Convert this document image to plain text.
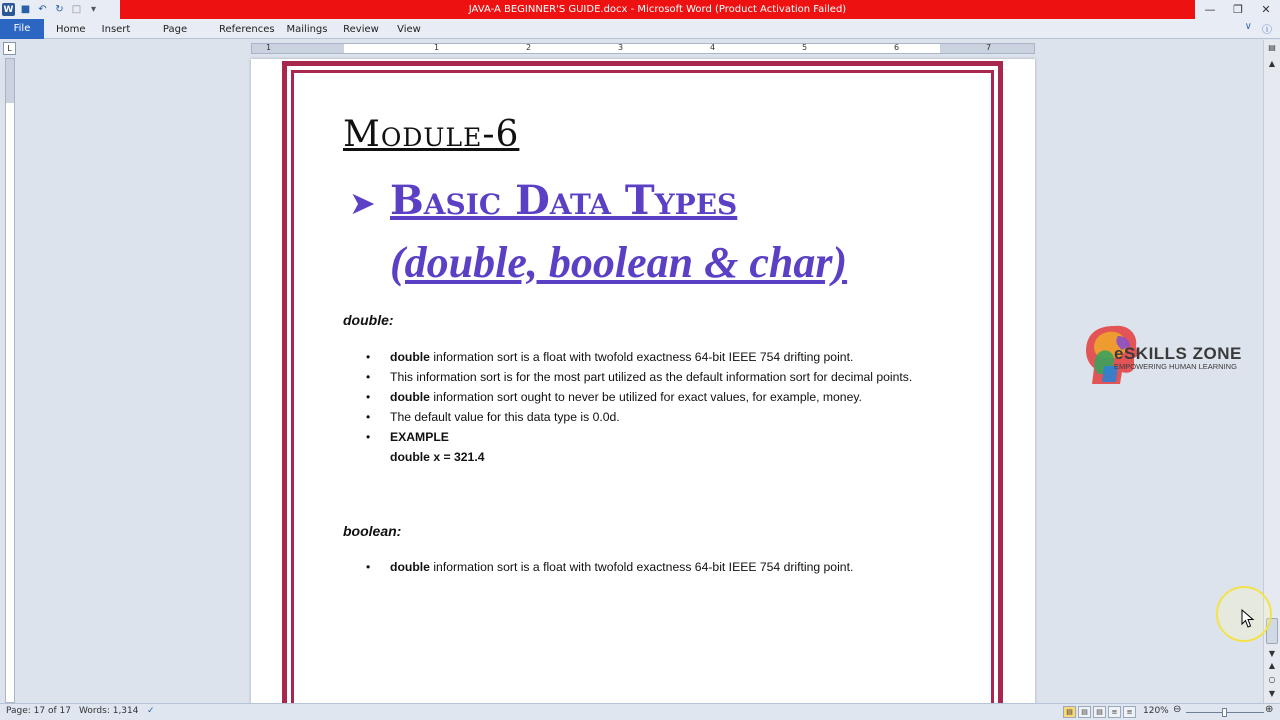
W ■ ↶ ↻ □ ▾	JAVA-A BEGINNER'S GUIDE.docx - Microsoft Word (Product Activation Failed)	—	❐	✕
File	Home Insert	Page	References Mailings Review View	∨ ⓘ
L	1	1	2	3	4	5	6	7	▤
▲
▼
▲
○
▼
Module-6
➤ Basic Data Types
(double, boolean & char)
double:
• double information sort is a float with twofold exactness 64-bit IEEE 754 drifting point.
• This information sort is for the most part utilized as the default information sort for decimal points.
• double information sort ought to never be utilized for exact values, for example, money.
• The default value for this data type is 0.0d.
• EXAMPLE
double x = 321.4
boolean:
• double information sort is a float with twofold exactness 64-bit IEEE 754 drifting point.
eSKILLS ZONE
EMPOWERING HUMAN LEARNING
Page: 17 of 17 Words: 1,314 ✓	▤	▤	▤	≡	≡	120% ⊖	⊕
